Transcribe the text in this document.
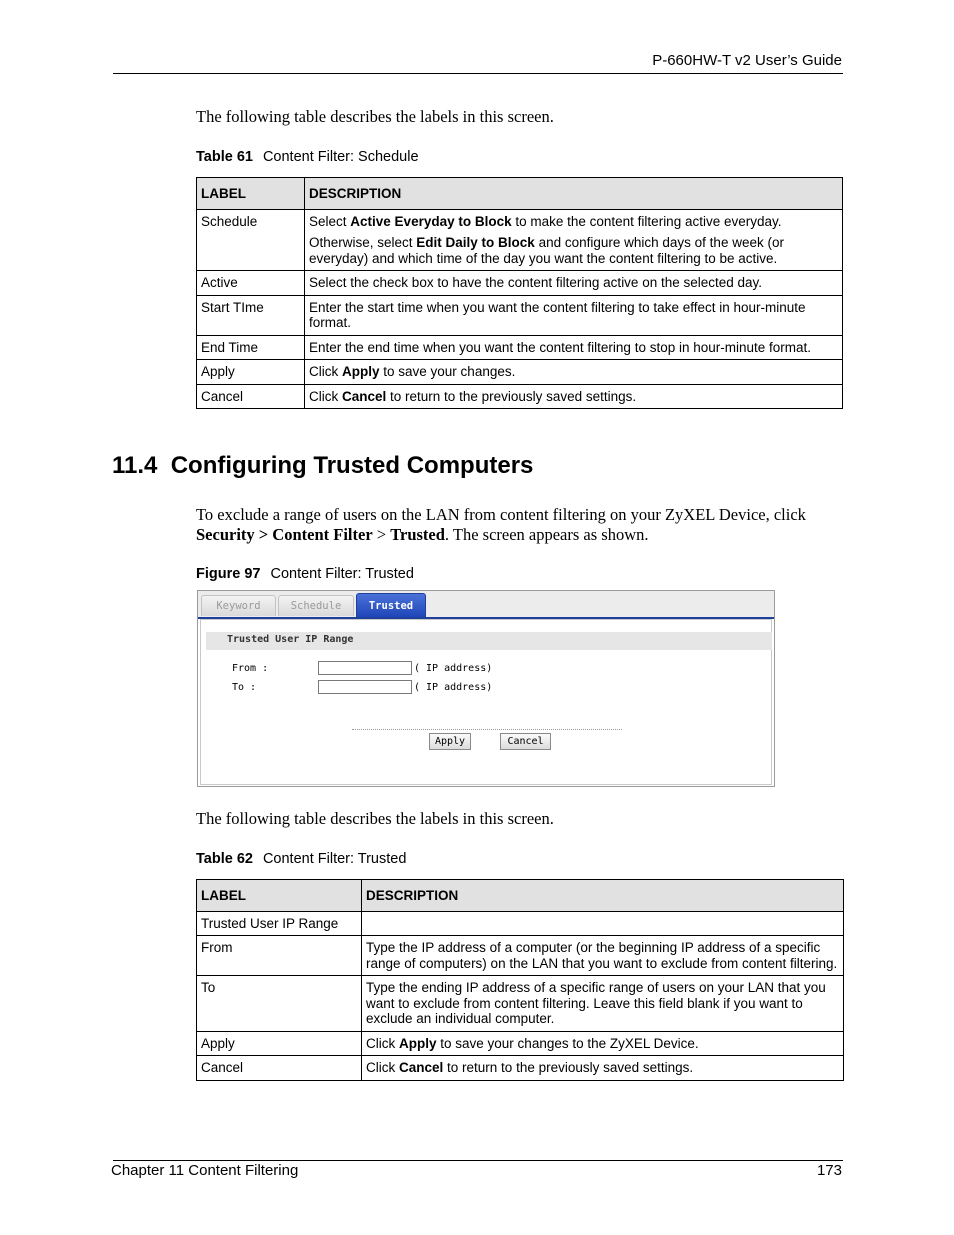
P-660HW-T v2 User’s Guide
The following table describes the labels in this screen.
Table 61 Content Filter: Schedule
LABEL	DESCRIPTION
Schedule	Select Active Everyday to Block to make the content filtering active everyday.

Otherwise, select Edit Daily to Block and configure which days of the week (or everyday) and which time of the day you want the content filtering to be active.

Active	Select the check box to have the content filtering active on the selected day.
Start TIme	Enter the start time when you want the content filtering to take effect in hour-minute format.
End Time	Enter the end time when you want the content filtering to stop in hour-minute format.
Apply	Click Apply to save your changes.
Cancel	Click Cancel to return to the previously saved settings.
11.4  Configuring Trusted Computers
To exclude a range of users on the LAN from content filtering on your ZyXEL Device, click Security > Content Filter > Trusted. The screen appears as shown.
Figure 97 Content Filter: Trusted
Keyword	Schedule	Trusted
Trusted User IP Range
From :	( IP address)
To :	( IP address)
Apply	Cancel
The following table describes the labels in this screen.
Table 62 Content Filter: Trusted
LABEL	DESCRIPTION
Trusted User IP Range	
From	Type the IP address of a computer (or the beginning IP address of a specific range of computers) on the LAN that you want to exclude from content filtering.
To	Type the ending IP address of a specific range of users on your LAN that you want to exclude from content filtering. Leave this field blank if you want to exclude an individual computer.
Apply	Click Apply to save your changes to the ZyXEL Device.
Cancel	Click Cancel to return to the previously saved settings.
Chapter 11 Content Filtering	173
